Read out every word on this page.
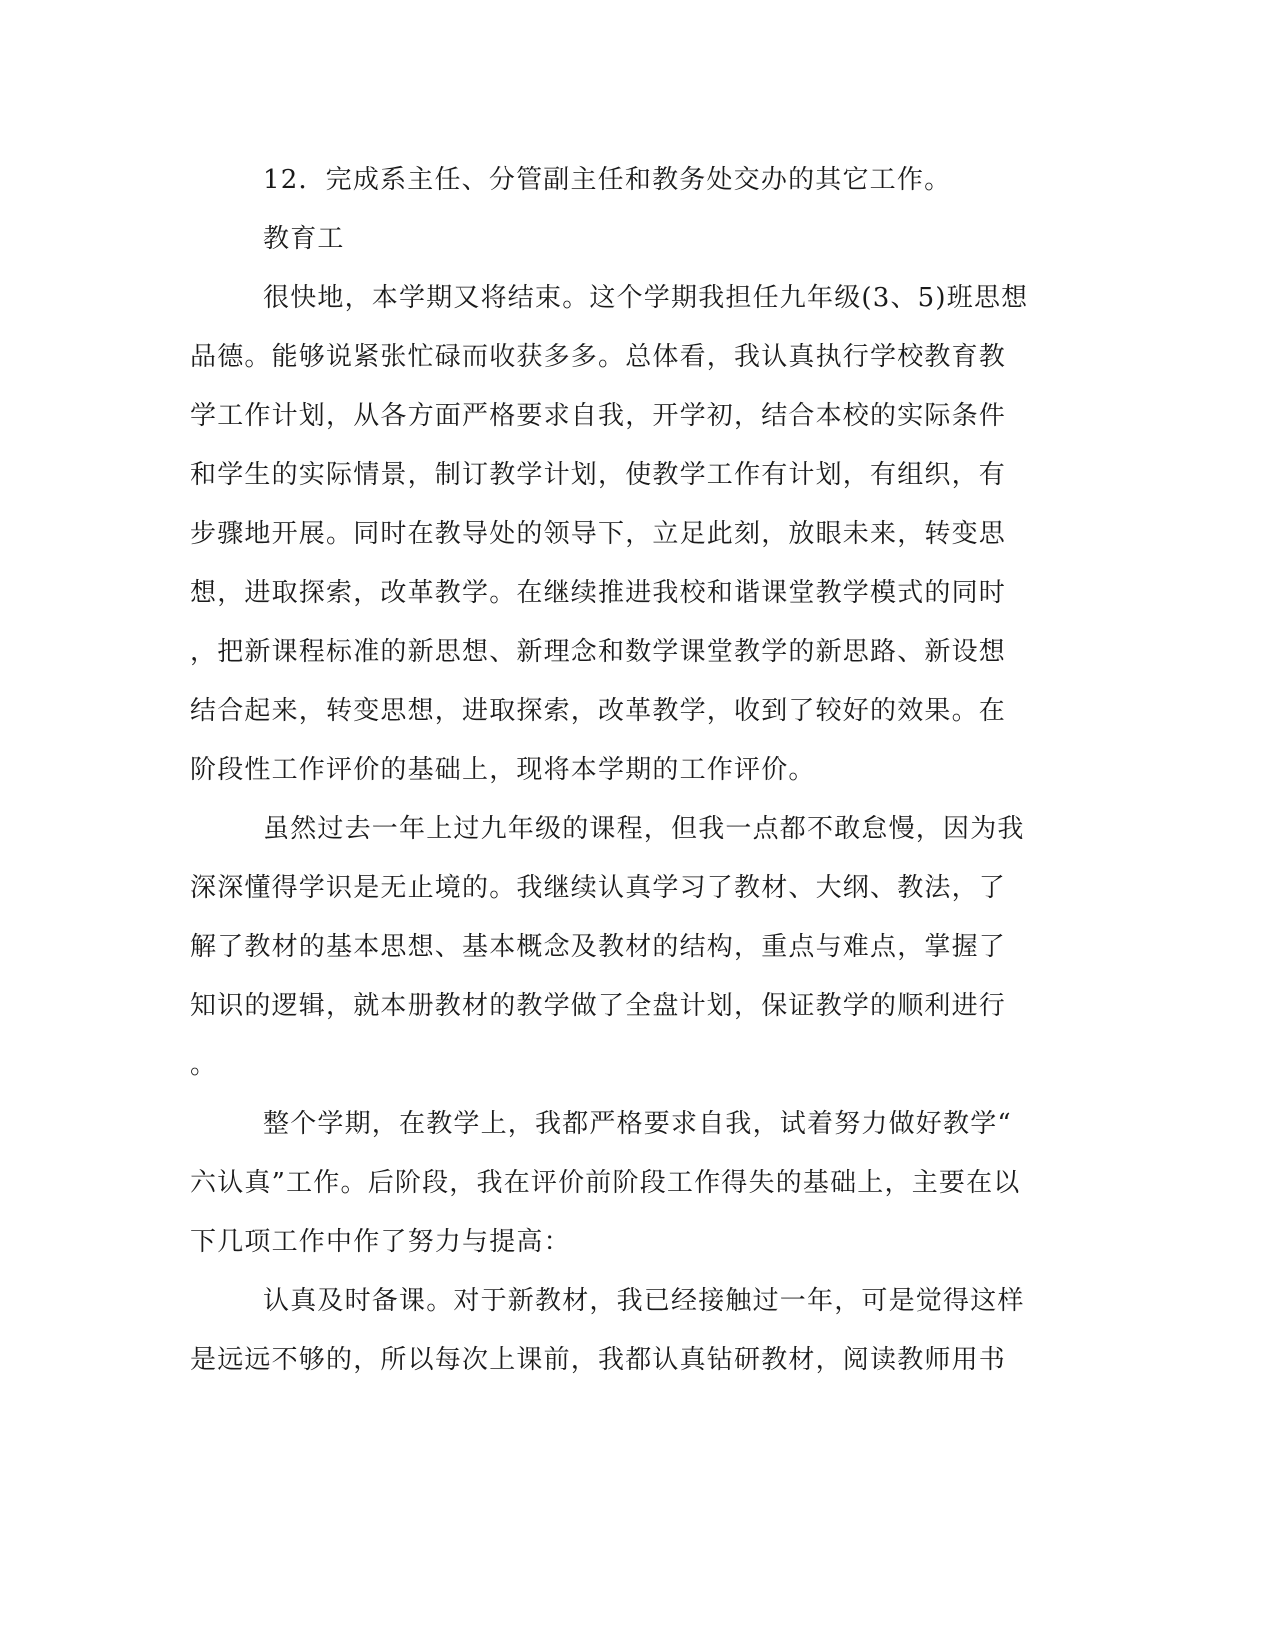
12．完成系主任、分管副主任和教务处交办的其它工作。
教育工
很快地，本学期又将结束。这个学期我担任九年级(3、5)班思想
品德。能够说紧张忙碌而收获多多。总体看，我认真执行学校教育教
学工作计划，从各方面严格要求自我，开学初，结合本校的实际条件
和学生的实际情景，制订教学计划，使教学工作有计划，有组织，有
步骤地开展。同时在教导处的领导下，立足此刻，放眼未来，转变思
想，进取探索，改革教学。在继续推进我校和谐课堂教学模式的同时
，把新课程标准的新思想、新理念和数学课堂教学的新思路、新设想
结合起来，转变思想，进取探索，改革教学，收到了较好的效果。在
阶段性工作评价的基础上，现将本学期的工作评价。
虽然过去一年上过九年级的课程，但我一点都不敢怠慢，因为我
深深懂得学识是无止境的。我继续认真学习了教材、大纲、教法，了
解了教材的基本思想、基本概念及教材的结构，重点与难点，掌握了
知识的逻辑，就本册教材的教学做了全盘计划，保证教学的顺利进行
。
整个学期，在教学上，我都严格要求自我，试着努力做好教学“
六认真”工作。后阶段，我在评价前阶段工作得失的基础上，主要在以
下几项工作中作了努力与提高：
认真及时备课。对于新教材，我已经接触过一年，可是觉得这样
是远远不够的，所以每次上课前，我都认真钻研教材，阅读教师用书
